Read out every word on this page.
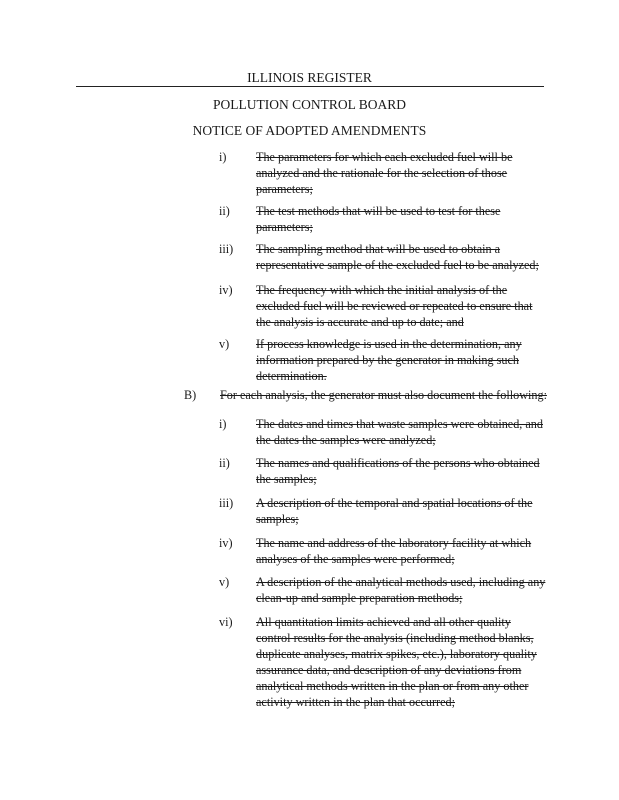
ILLINOIS REGISTER
POLLUTION CONTROL BOARD
NOTICE OF ADOPTED AMENDMENTS
i) The parameters for which each excluded fuel will be analyzed and the rationale for the selection of those parameters;
ii) The test methods that will be used to test for these parameters;
iii) The sampling method that will be used to obtain a representative sample of the excluded fuel to be analyzed;
iv) The frequency with which the initial analysis of the excluded fuel will be reviewed or repeated to ensure that the analysis is accurate and up to date; and
v) If process knowledge is used in the determination, any information prepared by the generator in making such determination.
B) For each analysis, the generator must also document the following:
i) The dates and times that waste samples were obtained, and the dates the samples were analyzed;
ii) The names and qualifications of the persons who obtained the samples;
iii) A description of the temporal and spatial locations of the samples;
iv) The name and address of the laboratory facility at which analyses of the samples were performed;
v) A description of the analytical methods used, including any clean-up and sample preparation methods;
vi) All quantitation limits achieved and all other quality control results for the analysis (including method blanks, duplicate analyses, matrix spikes, etc.), laboratory quality assurance data, and description of any deviations from analytical methods written in the plan or from any other activity written in the plan that occurred;
